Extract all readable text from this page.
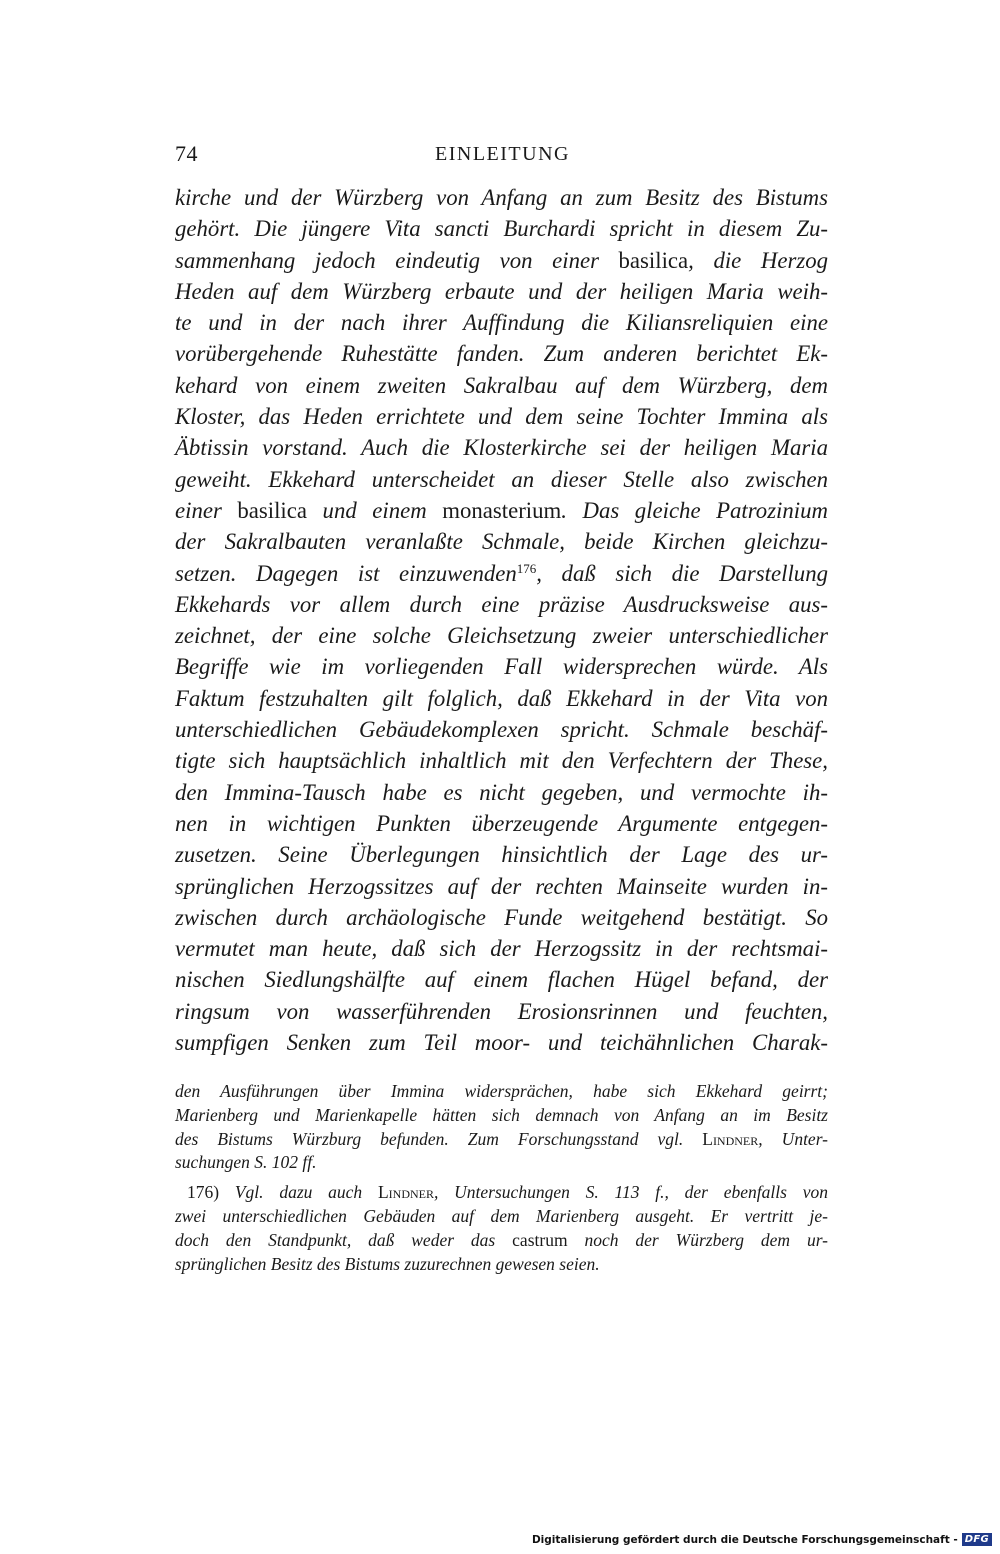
74	EINLEITUNG
kirche und der Würzberg von Anfang an zum Besitz des Bistums
gehört. Die jüngere Vita sancti Burchardi spricht in diesem Zu-
sammenhang jedoch eindeutig von einer basilica, die Herzog
Heden auf dem Würzberg erbaute und der heiligen Maria weih-
te und in der nach ihrer Auffindung die Kiliansreliquien eine
vorübergehende Ruhestätte fanden. Zum anderen berichtet Ek-
kehard von einem zweiten Sakralbau auf dem Würzberg, dem
Kloster, das Heden errichtete und dem seine Tochter Immina als
Äbtissin vorstand. Auch die Klosterkirche sei der heiligen Maria
geweiht. Ekkehard unterscheidet an dieser Stelle also zwischen
einer basilica und einem monasterium. Das gleiche Patrozinium
der Sakralbauten veranlaßte Schmale, beide Kirchen gleichzu-
setzen. Dagegen ist einzuwenden$^{176}$, daß sich die Darstellung
Ekkehards vor allem durch eine präzise Ausdrucksweise aus-
zeichnet, der eine solche Gleichsetzung zweier unterschiedlicher
Begriffe wie im vorliegenden Fall widersprechen würde. Als
Faktum festzuhalten gilt folglich, daß Ekkehard in der Vita von
unterschiedlichen Gebäudekomplexen spricht. Schmale beschäf-
tigte sich hauptsächlich inhaltlich mit den Verfechtern der These,
den Immina-Tausch habe es nicht gegeben, und vermochte ih-
nen in wichtigen Punkten überzeugende Argumente entgegen-
zusetzen. Seine Überlegungen hinsichtlich der Lage des ur-
sprünglichen Herzogssitzes auf der rechten Mainseite wurden in-
zwischen durch archäologische Funde weitgehend bestätigt. So
vermutet man heute, daß sich der Herzogssitz in der rechtsmai-
nischen Siedlungshälfte auf einem flachen Hügel befand, der
ringsum von wasserführenden Erosionsrinnen und feuchten,
sumpfigen Senken zum Teil moor- und teichähnlichen Charak-
den Ausführungen über Immina widersprächen, habe sich Ekkehard geirrt;
Marienberg und Marienkapelle hätten sich demnach von Anfang an im Besitz
des Bistums Würzburg befunden. Zum Forschungsstand vgl. Lindner, Unter-
suchungen S. 102 ff.
176) Vgl. dazu auch Lindner, Untersuchungen S. 113 f., der ebenfalls von
zwei unterschiedlichen Gebäuden auf dem Marienberg ausgeht. Er vertritt je-
doch den Standpunkt, daß weder das castrum noch der Würzberg dem ur-
sprünglichen Besitz des Bistums zuzurechnen gewesen seien.
Digitalisierung gefördert durch die Deutsche Forschungsgemeinschaft - DFG
